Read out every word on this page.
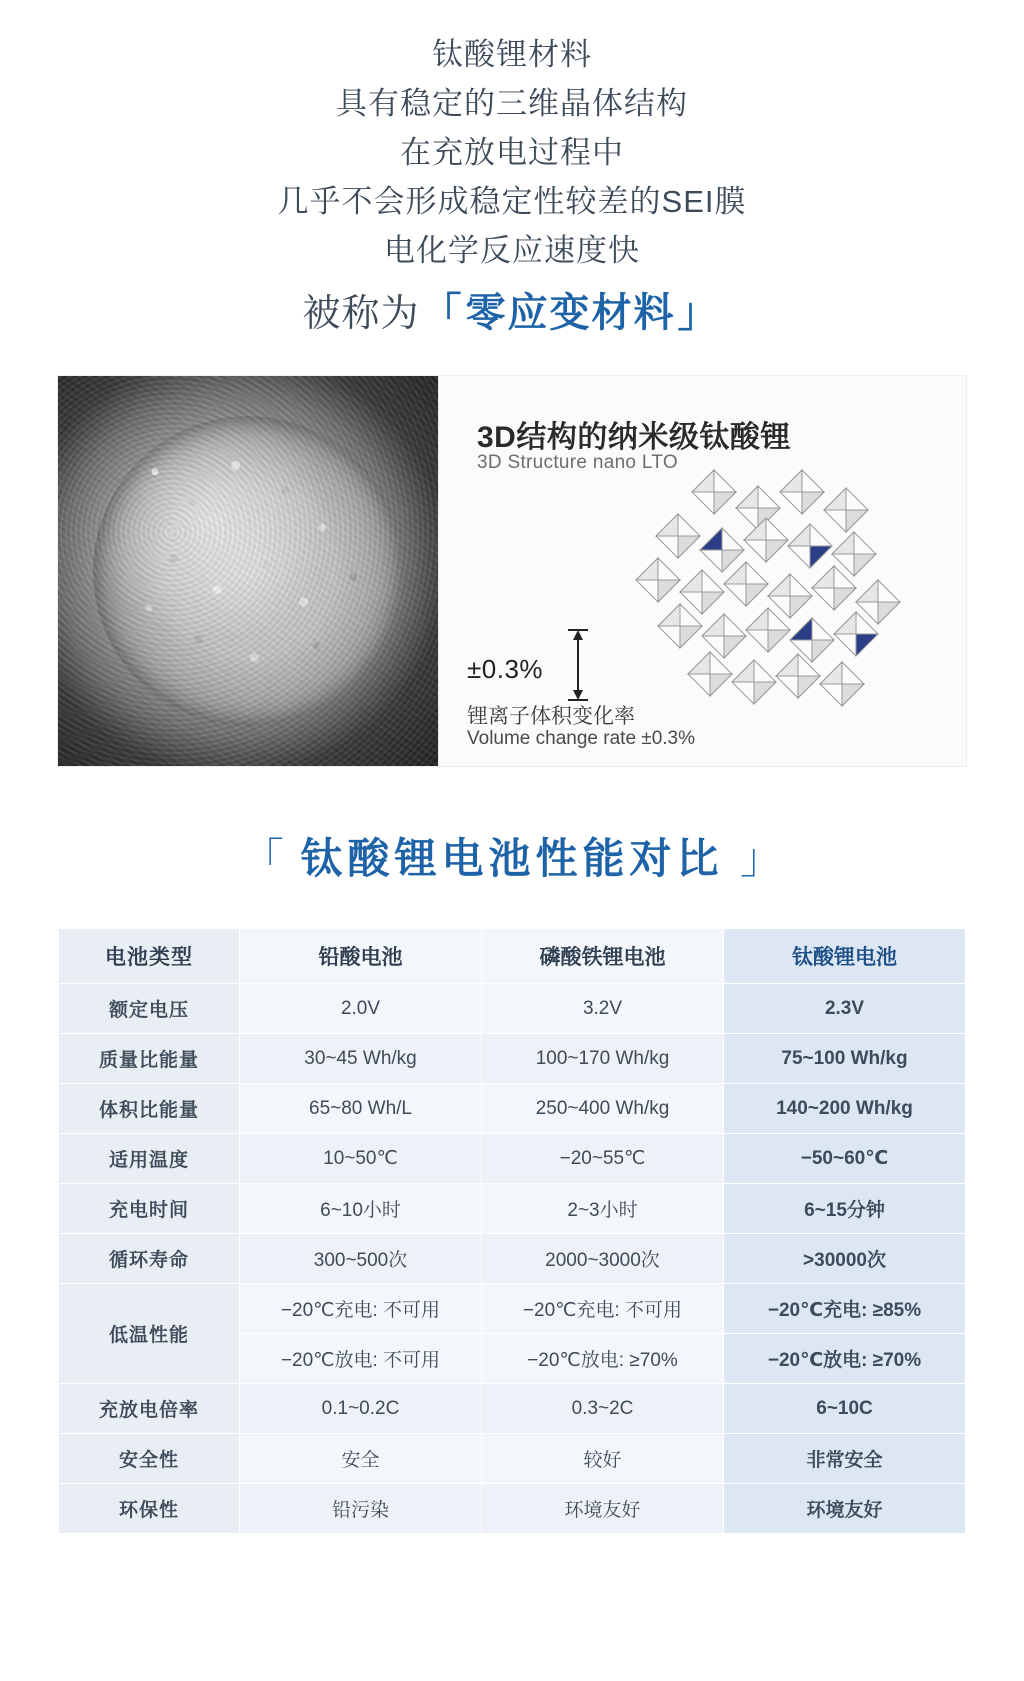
钛酸锂材料
具有稳定的三维晶体结构
在充放电过程中
几乎不会形成稳定性较差的SEI膜
电化学反应速度快
被称为「零应变材料」
3D结构的纳米级钛酸锂
3D Structure nano LTO
±0.3%
锂离子体积变化率
Volume change rate ±0.3%
「 钛酸锂电池性能对比 」
电池类型	铅酸电池	磷酸铁锂电池	钛酸锂电池
额定电压	2.0V	3.2V	2.3V
质量比能量	30~45 Wh/kg	100~170 Wh/kg	75~100 Wh/kg
体积比能量	65~80 Wh/L	250~400 Wh/kg	140~200 Wh/kg
适用温度	10~50℃	−20~55℃	−50~60℃
充电时间	6~10小时	2~3小时	6~15分钟
循环寿命	300~500次	2000~3000次	>30000次
低温性能	−20℃充电: 不可用	−20℃充电: 不可用	−20℃充电: ≥85%
	−20℃放电: 不可用	−20℃放电: ≥70%	−20℃放电: ≥70%
充放电倍率	0.1~0.2C	0.3~2C	6~10C
安全性	安全	较好	非常安全
环保性	铅污染	环境友好	环境友好
